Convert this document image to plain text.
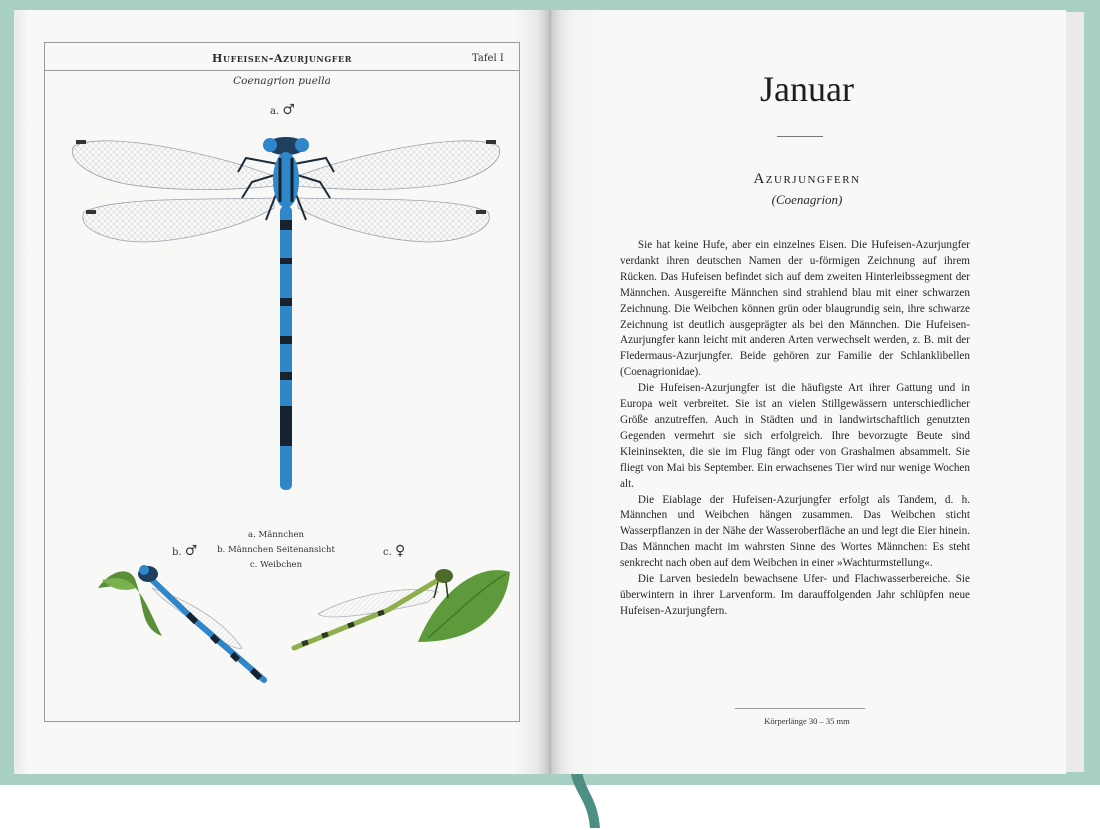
Hufeisen-Azurjungfer	Tafel I
Coenagrion puella
a. ♂
b. ♂	c. ♀
a. Männchen
b. Männchen Seitenansicht
c. Weibchen
Januar
Azurjungfern
(Coenagrion)

Sie hat keine Hufe, aber ein einzelnes Eisen. Die Hufeisen-Azurjungfer verdankt ihren deutschen Namen der u-förmigen Zeichnung auf ihrem Rücken. Das Hufeisen befindet sich auf dem zweiten Hinterleibssegment der Männchen. Ausgereifte Männchen sind strahlend blau mit einer schwarzen Zeichnung. Die Weibchen können grün oder blaugrundig sein, ihre schwarze Zeichnung ist deutlich ausgeprägter als bei den Männchen. Die Hufeisen-Azurjungfer kann leicht mit anderen Arten verwechselt werden, z. B. mit der Fledermaus-Azurjungfer. Beide gehören zur Familie der Schlanklibellen (Coenagrionidae).

Die Hufeisen-Azurjungfer ist die häufigste Art ihrer Gattung und in Europa weit verbreitet. Sie ist an vielen Stillgewässern unterschiedlicher Größe anzutreffen. Auch in Städten und in landwirtschaftlich genutzten Gegenden vermehrt sie sich erfolgreich. Ihre bevorzugte Beute sind Kleininsekten, die sie im Flug fängt oder von Grashalmen absammelt. Sie fliegt von Mai bis September. Ein erwachsenes Tier wird nur wenige Wochen alt.

Die Eiablage der Hufeisen-Azurjungfer erfolgt als Tandem, d. h. Männchen und Weibchen hängen zusammen. Das Weibchen sticht Wasserpflanzen in der Nähe der Wasseroberfläche an und legt die Eier hinein. Das Männchen macht im wahrsten Sinne des Wortes Männchen: Es steht senkrecht nach oben auf dem Weibchen in einer »Wachturmstellung«.

Die Larven besiedeln bewachsene Ufer- und Flachwasserbereiche. Sie überwintern in ihrer Larvenform. Im darauffolgenden Jahr schlüpfen neue Hufeisen-Azurjungfern.

Körperlänge 30 – 35 mm
